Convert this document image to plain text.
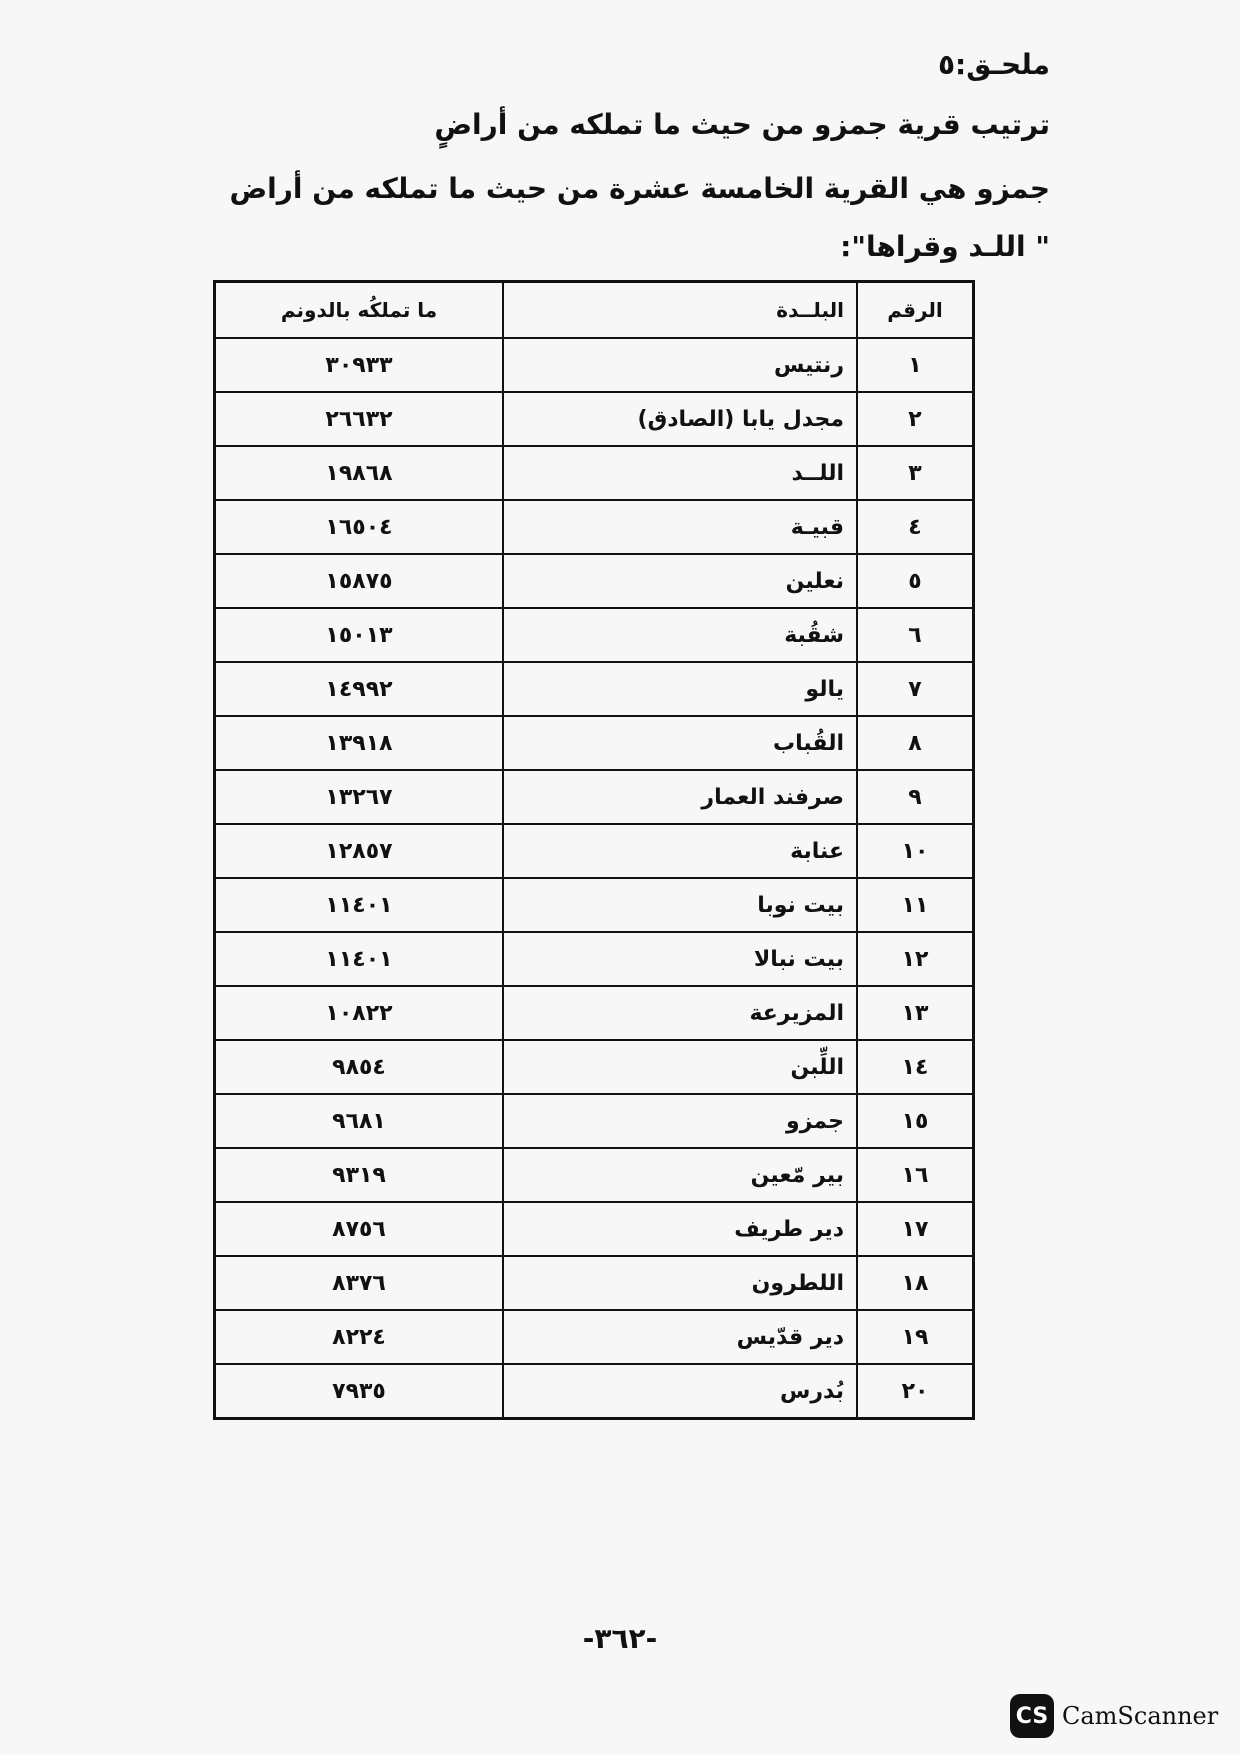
ملحـق:٥

ترتيب قرية جمزو من حيث ما تملكه من أراضٍ

جمزو هي القرية الخامسة عشرة من حيث ما تملكه من أراض

" اللـد وقراها":

الرقم	البلــدة	ما تملكُه بالدونم
١	رنتيس	٣٠٩٣٣
٢	مجدل يابا (الصادق)	٢٦٦٣٢
٣	اللــد	١٩٨٦٨
٤	قبيـة	١٦٥٠٤
٥	نعلين	١٥٨٧٥
٦	شقُبة	١٥٠١٣
٧	يالو	١٤٩٩٢
٨	القُباب	١٣٩١٨
٩	صرفند العمار	١٣٢٦٧
١٠	عنابة	١٢٨٥٧
١١	بيت نوبا	١١٤٠١
١٢	بيت نبالا	١١٤٠١
١٣	المزيرعة	١٠٨٢٢
١٤	اللِّبن	٩٨٥٤
١٥	جمزو	٩٦٨١
١٦	بير مّعين	٩٣١٩
١٧	دير طريف	٨٧٥٦
١٨	اللطرون	٨٣٧٦
١٩	دير قدّيس	٨٢٢٤
٢٠	بُدرس	٧٩٣٥
-٣٦٢-
CS CamScanner
